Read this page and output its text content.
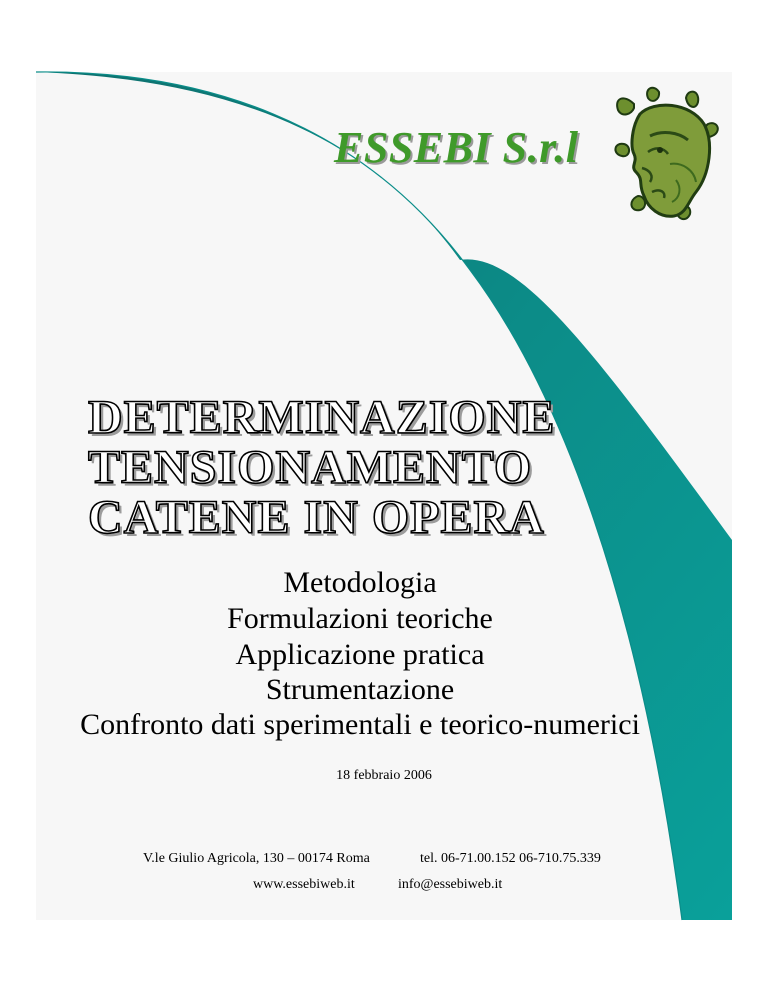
ESSEBI S.r.l
DETERMINAZIONE
TENSIONAMENTO
CATENE IN OPERA
Metodologia
Formulazioni teoriche
Applicazione pratica
Strumentazione
Confronto dati sperimentali e teorico-numerici
18 febbraio 2006
V.le Giulio Agricola, 130 – 00174 Roma	tel. 06-71.00.152 06-710.75.339
www.essebiweb.it	info@essebiweb.it
